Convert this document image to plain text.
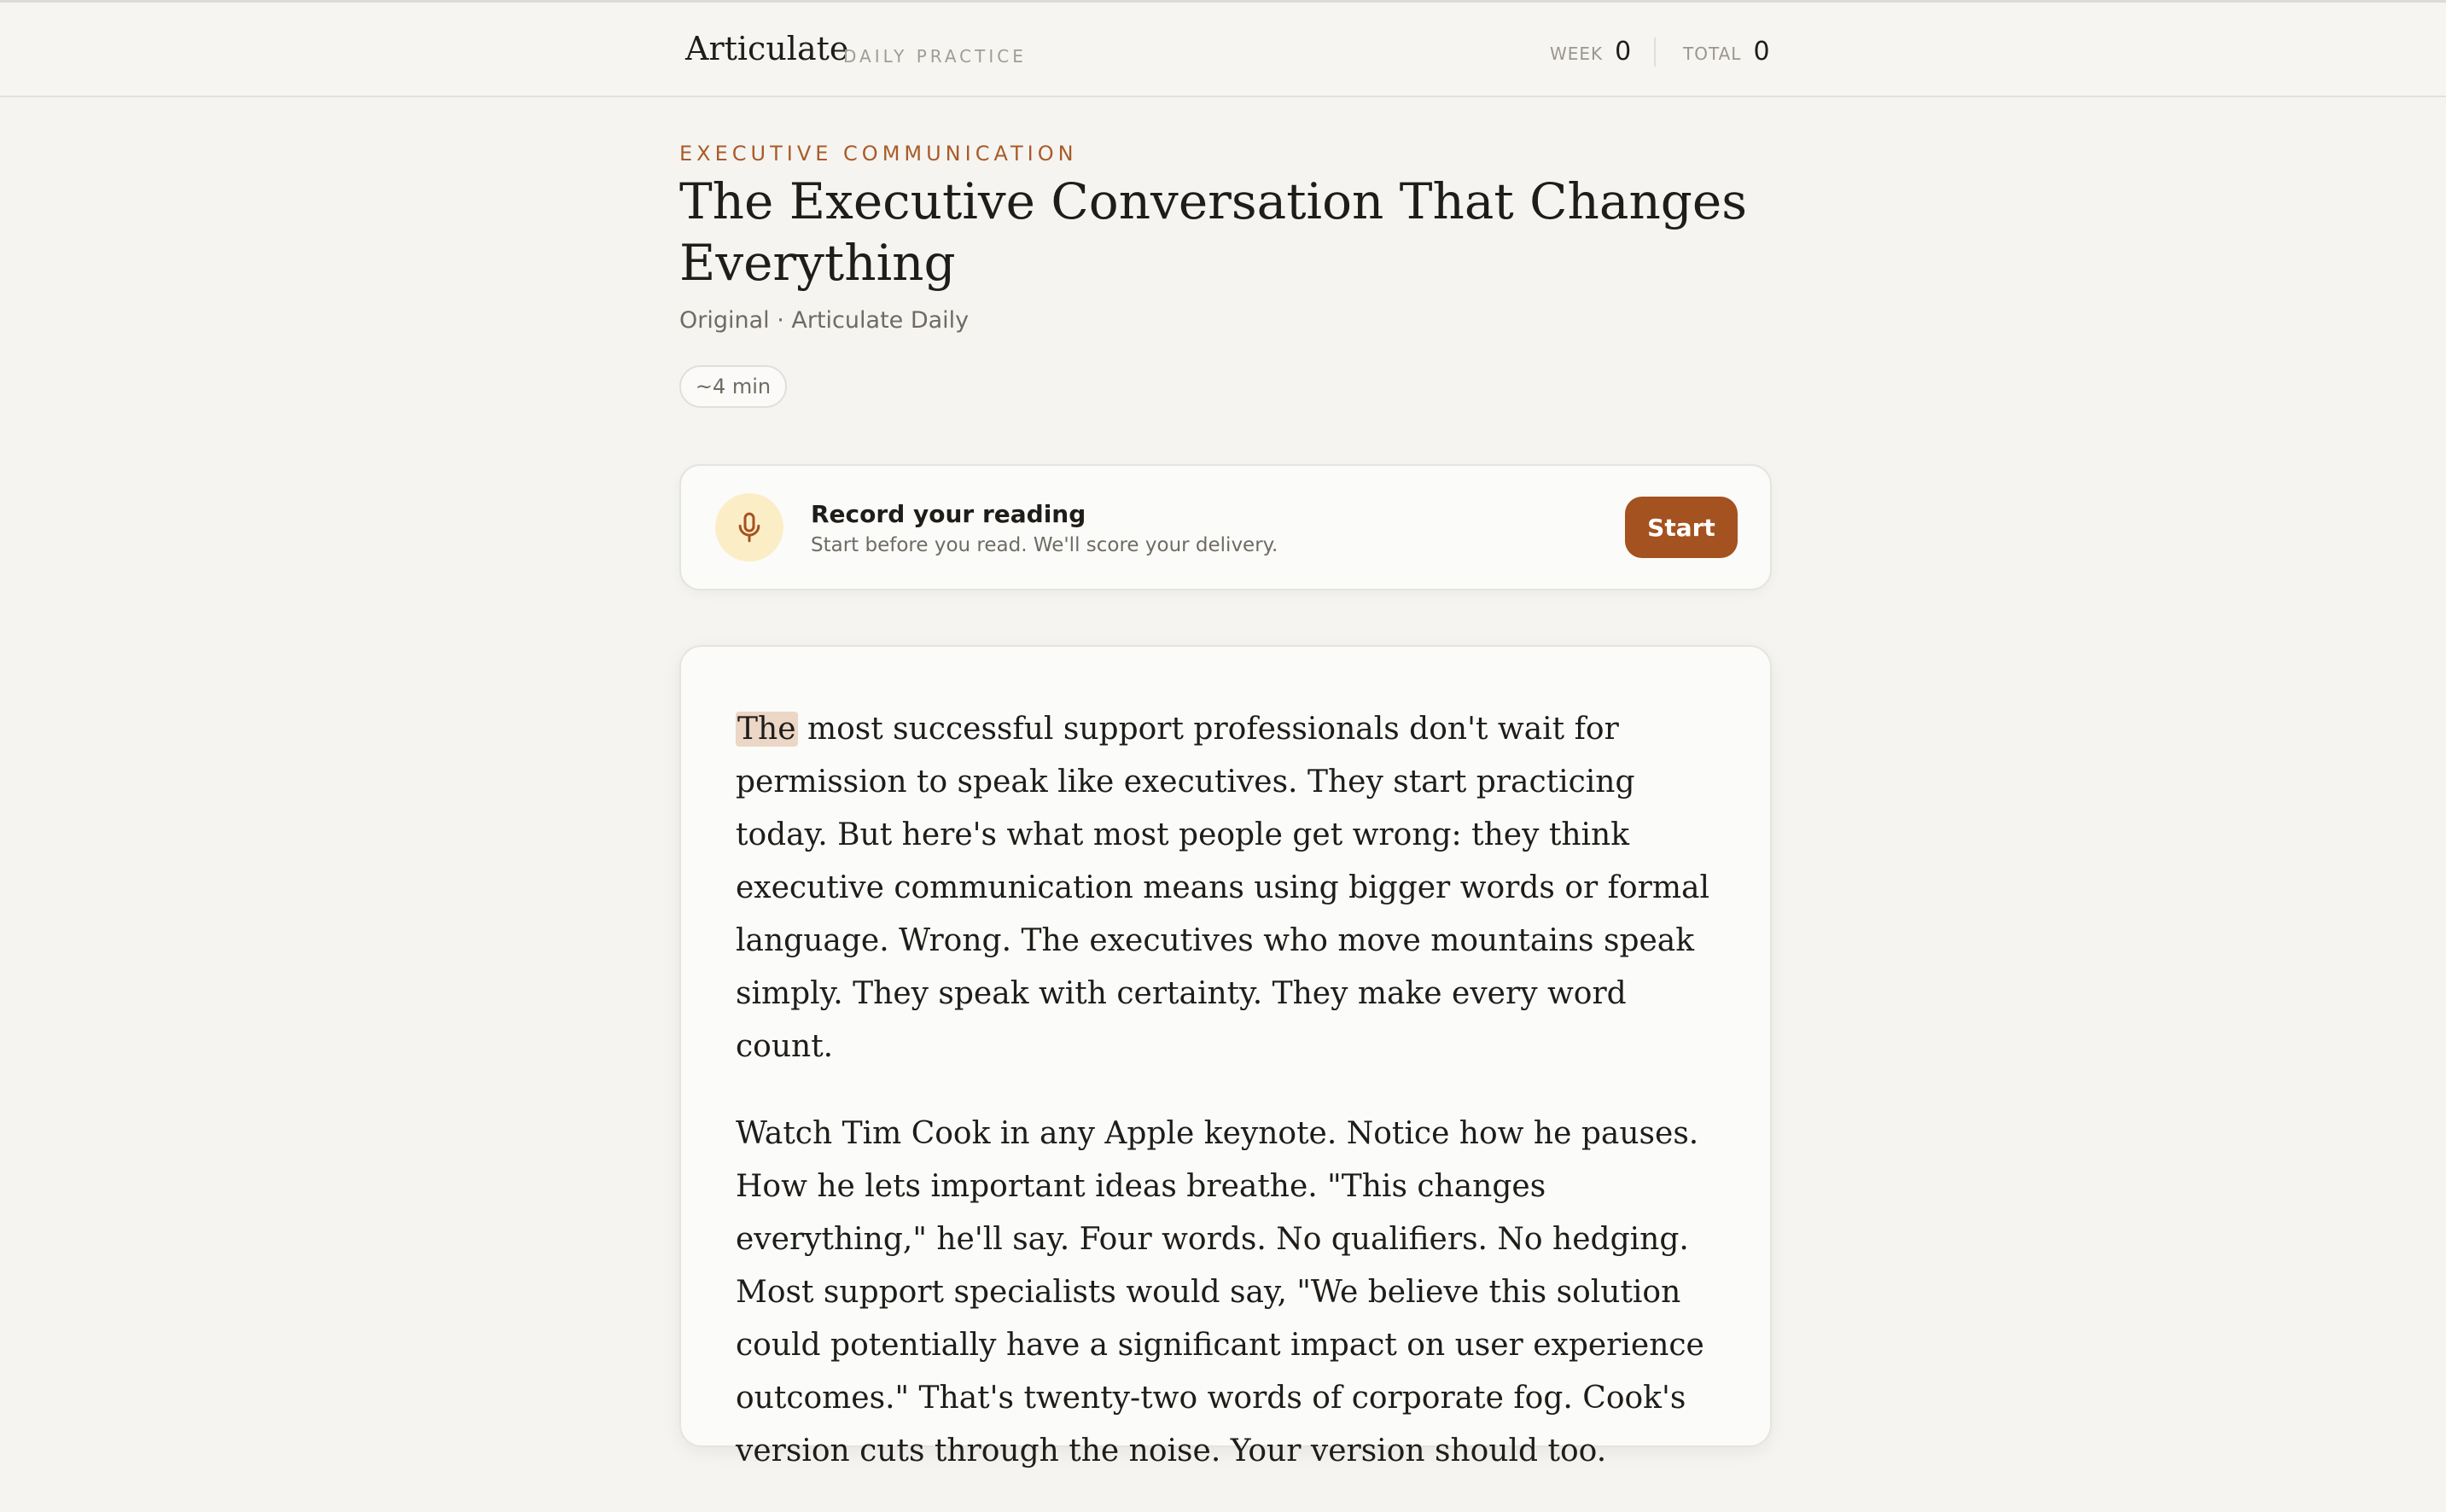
Articulate
DAILY PRACTICE	WEEK 0	TOTAL 0
EXECUTIVE COMMUNICATION
The Executive Conversation That Changes Everything
Original · Articulate Daily
~4 min
Record your reading
Start before you read. We'll score your delivery.
Start

The most successful support professionals don't wait for permission to speak like executives. They start practicing today. But here's what most people get wrong: they think executive communication means using bigger words or formal language. Wrong. The executives who move mountains speak simply. They speak with certainty. They make every word count.

Watch Tim Cook in any Apple keynote. Notice how he pauses. How he lets important ideas breathe. "This changes everything," he'll say. Four words. No qualifiers. No hedging. Most support specialists would say, "We believe this solution could potentially have a significant impact on user experience outcomes." That's twenty-two words of corporate fog. Cook's version cuts through the noise. Your version should too.
